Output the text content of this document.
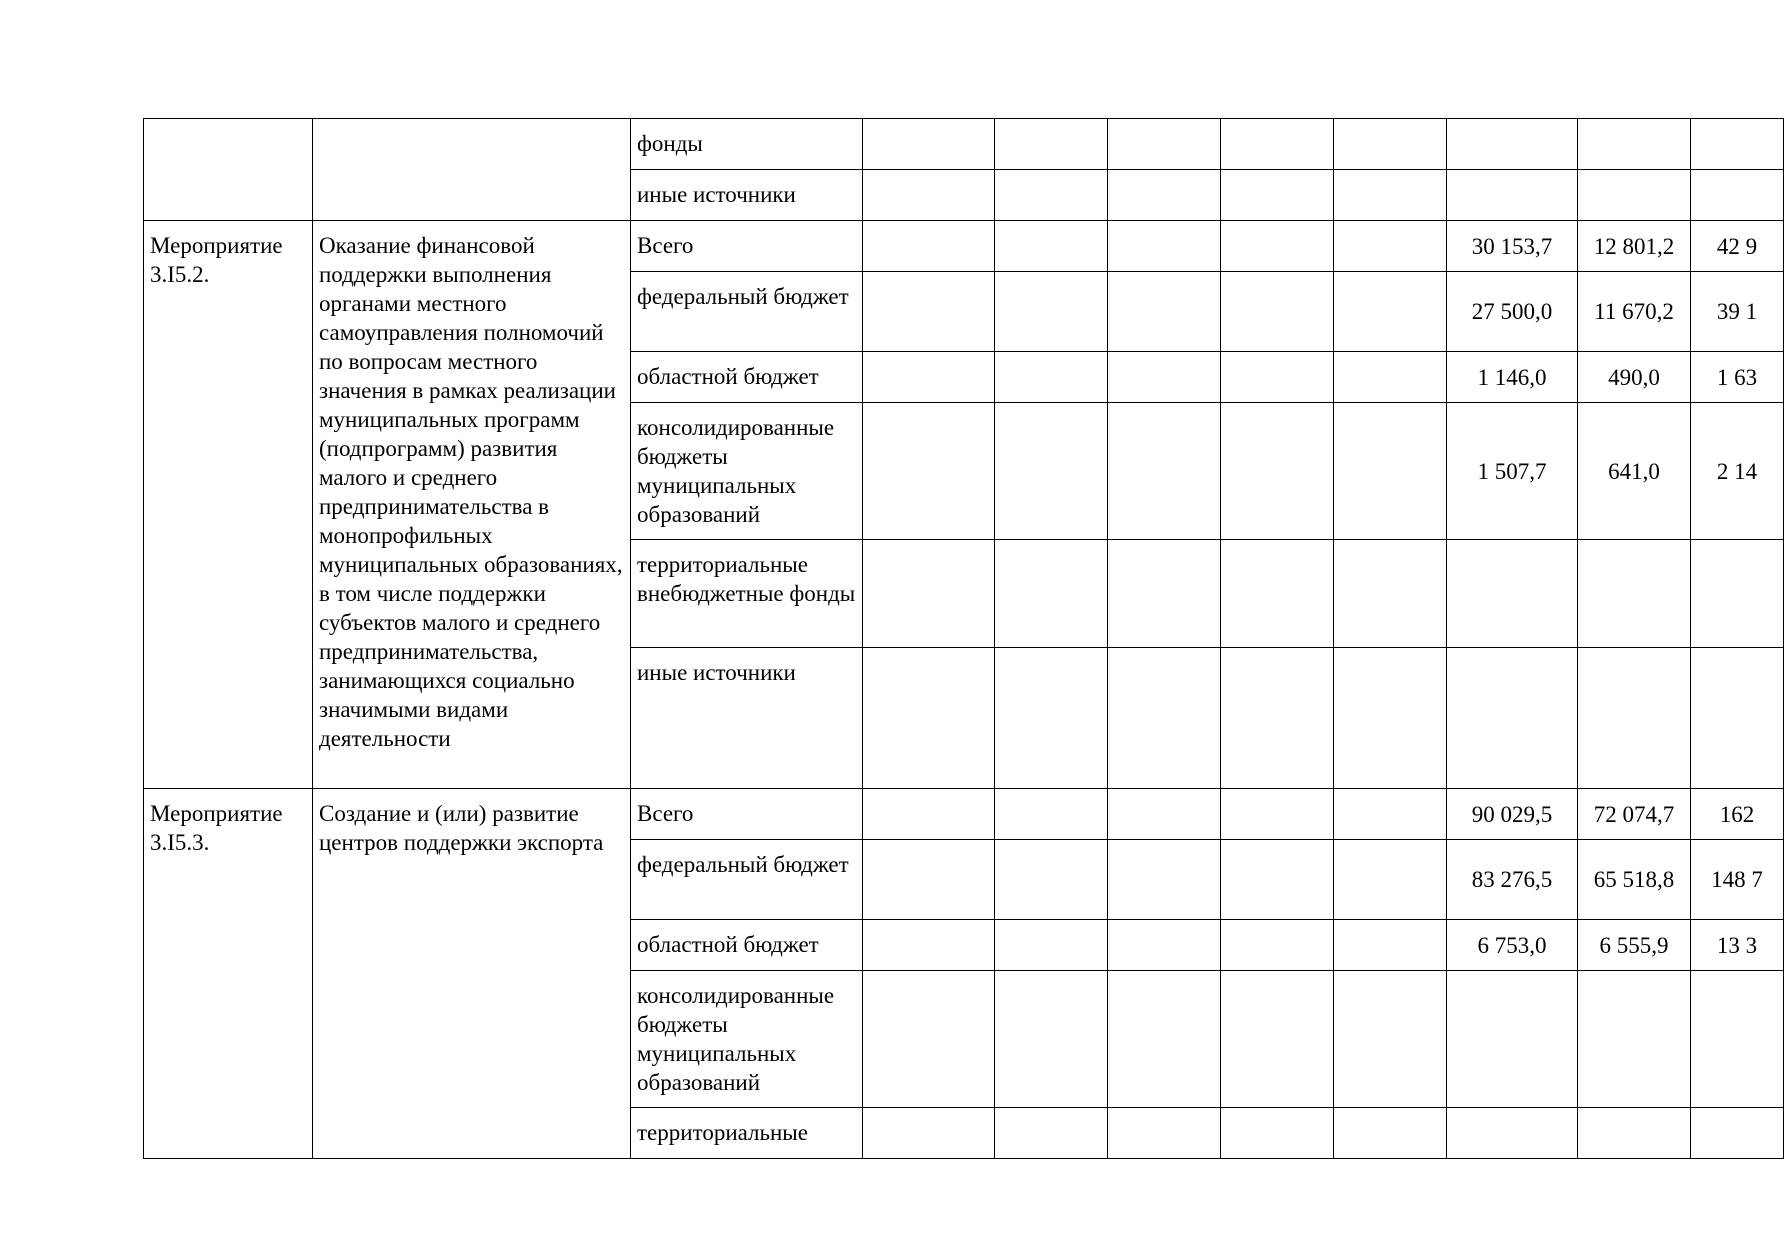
		фонды								
		иные источники								
Мероприятие 3.I5.2.	Оказание финансовой поддержки выполнения органами местного самоуправления полномочий по вопросам местного значения в рамках реализации муниципальных программ (подпрограмм) развития малого и среднего предпринимательства в монопрофильных муниципальных образованиях, в том числе поддержки субъектов малого и среднего предпринимательства, занимающихся социально значимыми видами деятельности	Всего						30 153,7	12 801,2	42 9
		федеральный бюджет						27 500,0	11 670,2	39 1
		областной бюджет						1 146,0	490,0	1 63
		консолидированные бюджеты муниципальных образований						1 507,7	641,0	2 14
		территориальные внебюджетные фонды								
		иные источники								
Мероприятие 3.I5.3.	Создание и (или) развитие центров поддержки экспорта	Всего						90 029,5	72 074,7	162
		федеральный бюджет						83 276,5	65 518,8	148 7
		областной бюджет						6 753,0	6 555,9	13 3
		консолидированные бюджеты муниципальных образований								
		территориальные								
